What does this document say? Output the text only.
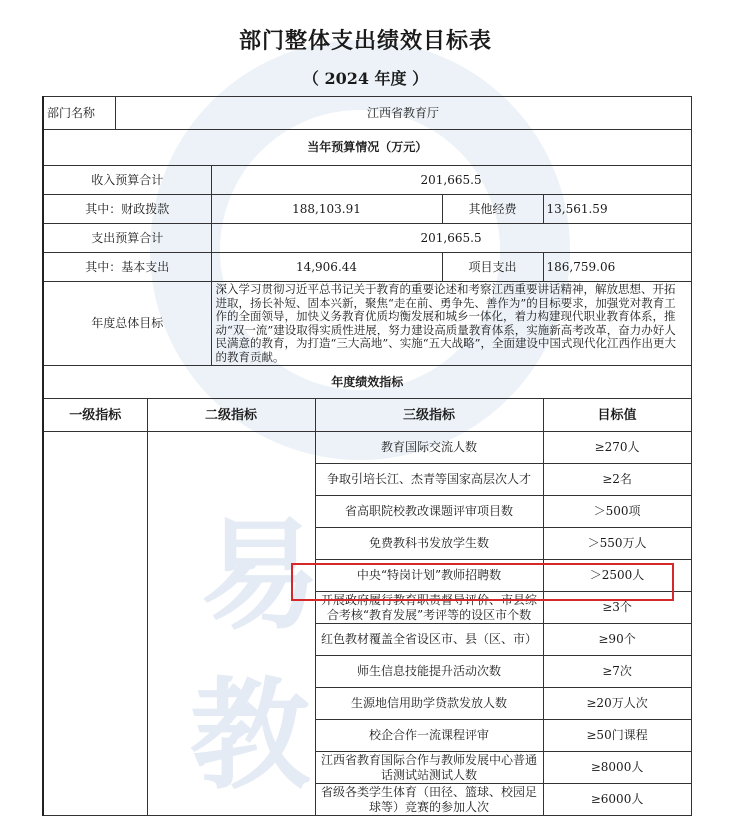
易
教
部门整体支出绩效目标表
（ 2024 年度 ）
部门名称	江西省教育厅					
当年预算情况（万元）						
收入预算合计			201,665.5			
其中：财政拨款			188,103.91		其他经费	13,561.59
支出预算合计			201,665.5			
其中：基本支出			14,906.44		项目支出	186,759.06
年度总体目标			深入学习贯彻习近平总书记关于教育的重要论述和考察江西重要讲话精神，解放思想、开拓进取，扬长补短、固本兴新，聚焦“走在前、勇争先、善作为”的目标要求，加强党对教育工作的全面领导，加快义务教育优质均衡发展和城乡一体化，着力构建现代职业教育体系，推动“双一流”建设取得实质性进展，努力建设高质量教育体系，实施新高考改革，奋力办好人民满意的教育，为打造“三大高地”、实施“五大战略”，全面建设中国式现代化江西作出更大的教育贡献。			
年度绩效指标						
一级指标		二级指标		三级指标		目标值
				教育国际交流人数		≥270人
				争取引培长江、杰青等国家高层次人才		≥2名
				省高职院校教改课题评审项目数		＞500项
				免费教科书发放学生数		＞550万人
				中央“特岗计划”教师招聘数		＞2500人
				开展政府履行教育职责督导评价、市县综合考核“教育发展”考评等的设区市个数		≥3个
				红色教材覆盖全省设区市、县（区、市）		≥90个
				师生信息技能提升活动次数		≥7次
				生源地信用助学贷款发放人数		≥20万人次
				校企合作一流课程评审		≥50门课程
				江西省教育国际合作与教师发展中心普通话测试站测试人数		≥8000人
				省级各类学生体育（田径、篮球、校园足球等）竞赛的参加人次		≥6000人
